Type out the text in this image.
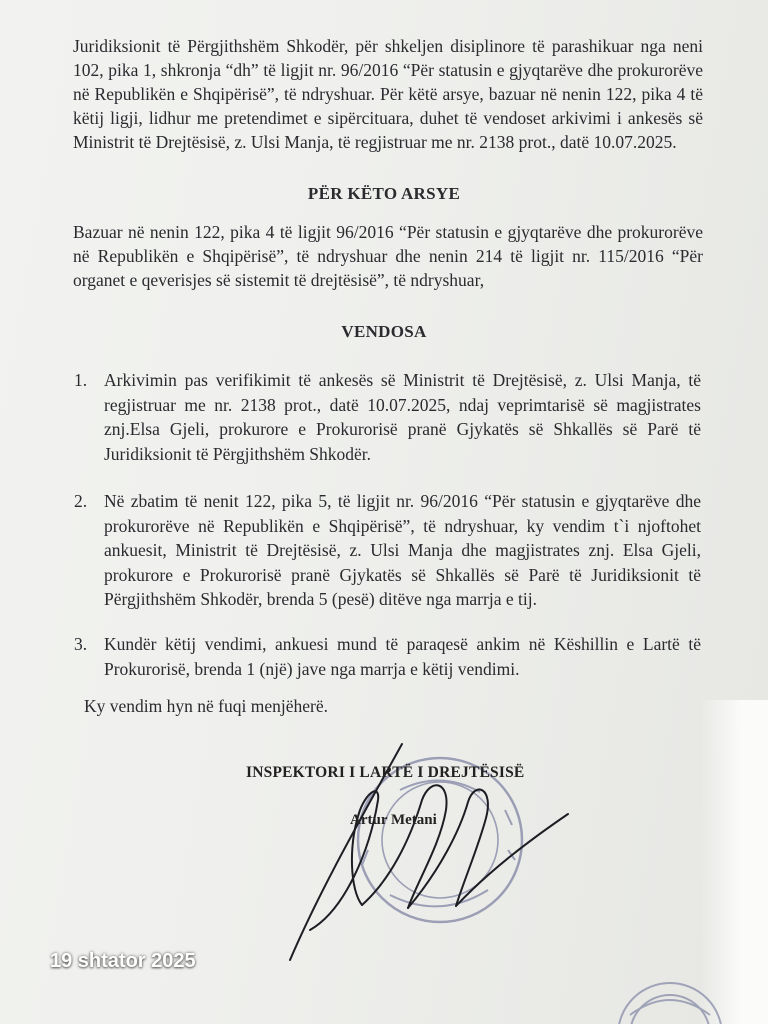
Juridiksionit të Përgjithshëm Shkodër, për shkeljen disiplinore të parashikuar nga neni 102, pika 1, shkronja “dh” të ligjit nr. 96/2016 “Për statusin e gjyqtarëve dhe prokurorëve në Republikën e Shqipërisë”, të ndryshuar. Për këtë arsye, bazuar në nenin 122, pika 4 të këtij ligji, lidhur me pretendimet e sipërcituara, duhet të vendoset arkivimi i ankesës së Ministrit të Drejtësisë, z. Ulsi Manja, të regjistruar me nr. 2138 prot., datë 10.07.2025.

PËR KËTO ARSYE

Bazuar në nenin 122, pika 4 të ligjit 96/2016 “Për statusin e gjyqtarëve dhe prokurorëve në Republikën e Shqipërisë”, të ndryshuar dhe nenin 214 të ligjit nr. 115/2016 “Për organet e qeverisjes së sistemit të drejtësisë”, të ndryshuar,

VENDOSA
1. Arkivimin pas verifikimit të ankesës së Ministrit të Drejtësisë, z. Ulsi Manja, të regjistruar me nr. 2138 prot., datë 10.07.2025, ndaj veprimtarisë së magjistrates znj.Elsa Gjeli, prokurore e Prokurorisë pranë Gjykatës së Shkallës së Parë të Juridiksionit të Përgjithshëm Shkodër.
2. Në zbatim të nenit 122, pika 5, të ligjit nr. 96/2016 “Për statusin e gjyqtarëve dhe prokurorëve në Republikën e Shqipërisë”, të ndryshuar, ky vendim t`i njoftohet ankuesit, Ministrit të Drejtësisë, z. Ulsi Manja dhe magjistrates znj. Elsa Gjeli, prokurore e Prokurorisë pranë Gjykatës së Shkallës së Parë të Juridiksionit të Përgjithshëm Shkodër, brenda 5 (pesë) ditëve nga marrja e tij.
3. Kundër këtij vendimi, ankuesi mund të paraqesë ankim në Këshillin e Lartë të Prokurorisë, brenda 1 (një) jave nga marrja e këtij vendimi.
Ky vendim hyn në fuqi menjëherë.
INSPEKTORI I LARTË I DREJTËSISË
Artur Metani
19 shtator 2025
